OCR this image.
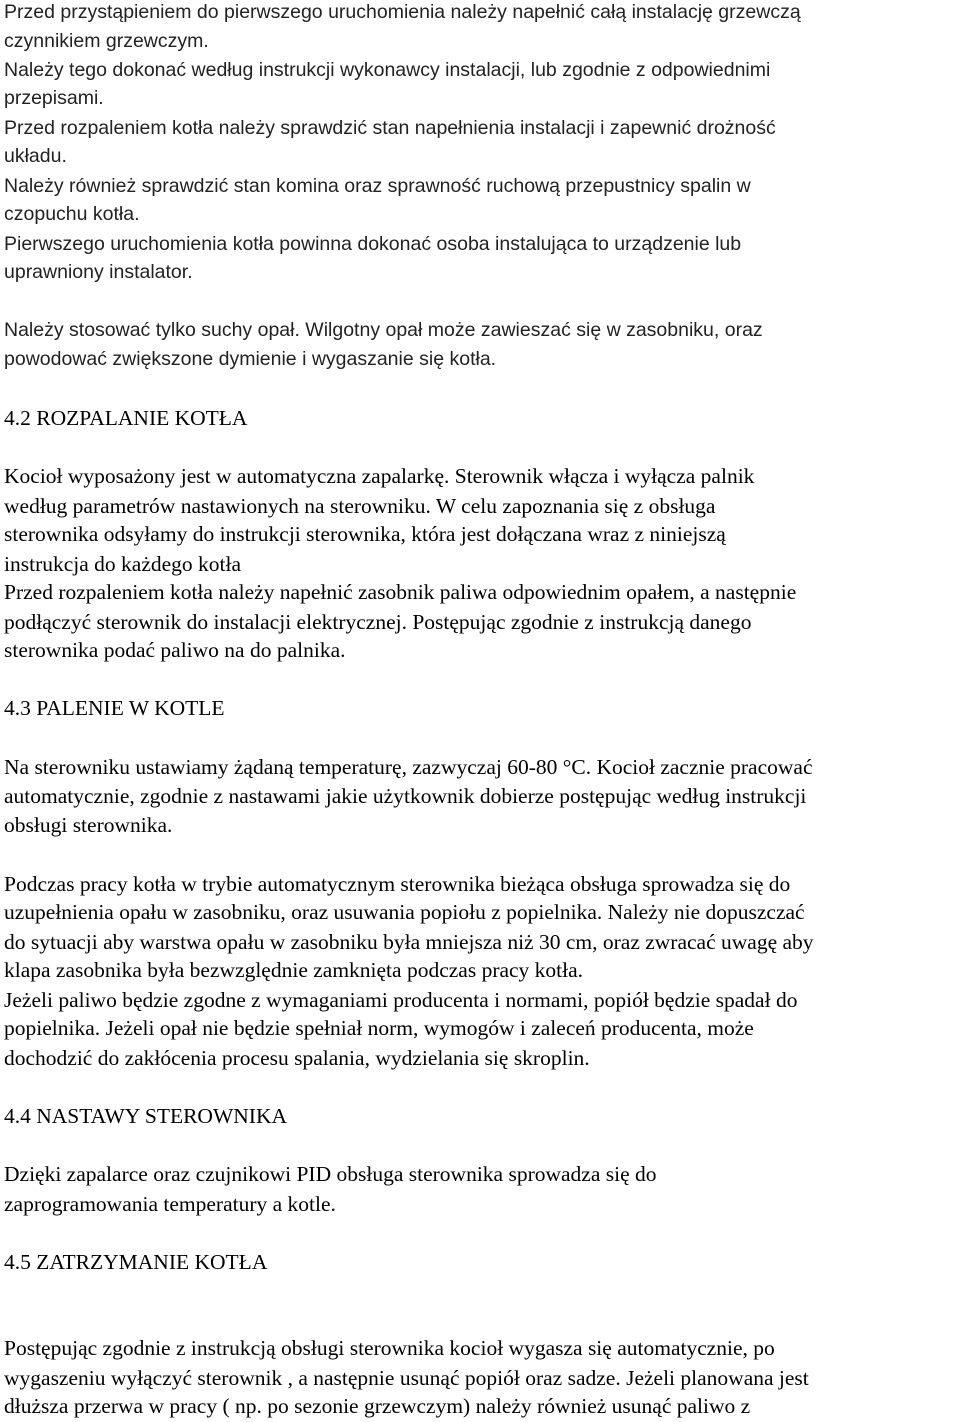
Przed przystąpieniem do pierwszego uruchomienia należy napełnić całą instalację grzewczą
czynnikiem grzewczym.
Należy tego dokonać według instrukcji wykonawcy instalacji, lub zgodnie z odpowiednimi
przepisami.
Przed rozpaleniem kotła należy sprawdzić stan napełnienia instalacji i zapewnić drożność
układu.
Należy również sprawdzić stan komina oraz sprawność ruchową przepustnicy spalin w
czopuchu kotła.
Pierwszego uruchomienia kotła powinna dokonać osoba instalująca to urządzenie lub
uprawniony instalator.
Należy stosować tylko suchy opał. Wilgotny opał może zawieszać się w zasobniku, oraz
powodować zwiększone dymienie i wygaszanie się kotła.
4.2 ROZPALANIE KOTŁA
Kocioł wyposażony jest w automatyczna zapalarkę. Sterownik włącza i wyłącza palnik
według parametrów nastawionych na sterowniku. W celu zapoznania się z obsługa
sterownika odsyłamy do instrukcji sterownika, która jest dołączana wraz z niniejszą
instrukcja do każdego kotła
Przed rozpaleniem kotła należy napełnić zasobnik paliwa odpowiednim opałem, a następnie
podłączyć sterownik do instalacji elektrycznej. Postępując zgodnie z instrukcją danego
sterownika podać paliwo na do palnika.
4.3 PALENIE W KOTLE
Na sterowniku ustawiamy żądaną temperaturę, zazwyczaj 60-80 °C. Kocioł zacznie pracować
automatycznie, zgodnie z nastawami jakie użytkownik dobierze postępując według instrukcji
obsługi sterownika.
Podczas pracy kotła w trybie automatycznym sterownika bieżąca obsługa sprowadza się do
uzupełnienia opału w zasobniku, oraz usuwania popiołu z popielnika. Należy nie dopuszczać
do sytuacji aby warstwa opału w zasobniku była mniejsza niż 30 cm, oraz zwracać uwagę aby
klapa zasobnika była bezwzględnie zamknięta podczas pracy kotła.
Jeżeli paliwo będzie zgodne z wymaganiami producenta i normami, popiół będzie spadał do
popielnika. Jeżeli opał nie będzie spełniał norm, wymogów i zaleceń producenta, może
dochodzić do zakłócenia procesu spalania, wydzielania się skroplin.
4.4 NASTAWY STEROWNIKA
Dzięki zapalarce oraz czujnikowi PID obsługa sterownika sprowadza się do
zaprogramowania temperatury a kotle.
4.5 ZATRZYMANIE KOTŁA
Postępując zgodnie z instrukcją obsługi sterownika kocioł wygasza się automatycznie, po
wygaszeniu wyłączyć sterownik , a następnie usunąć popiół oraz sadze. Jeżeli planowana jest
dłuższa przerwa w pracy ( np. po sezonie grzewczym) należy również usunąć paliwo z
